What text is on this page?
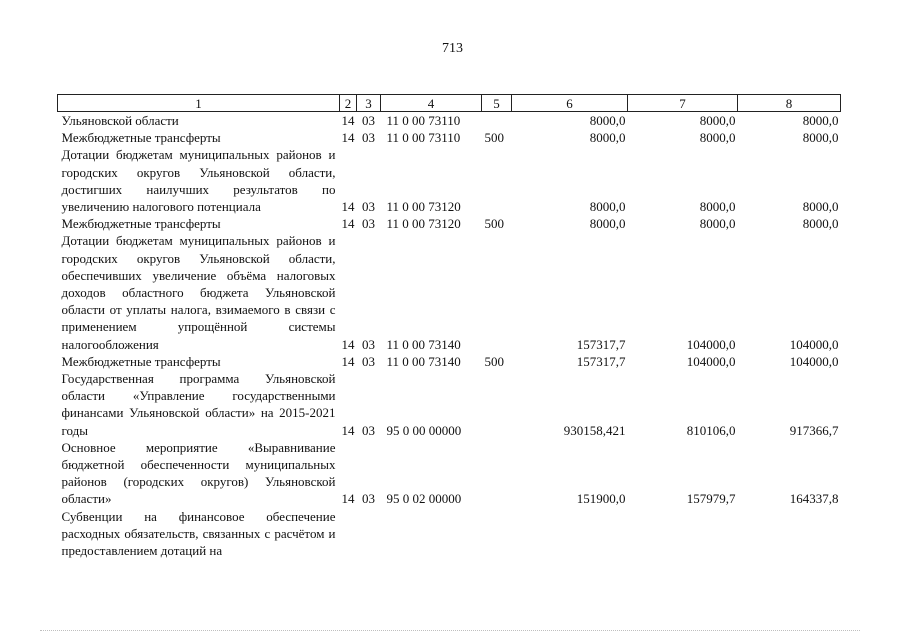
713
1	2	3	4	5	6	7	8
Ульяновской области	14	03	11 0 00 73110		8000,0	8000,0	8000,0
Межбюджетные трансферты	14	03	11 0 00 73110	500	8000,0	8000,0	8000,0
Дотации бюджетам муниципальных районов и городских округов Ульяновской области, достигших наилучших результатов по увеличению налогового потенциала	14	03	11 0 00 73120		8000,0	8000,0	8000,0
Межбюджетные трансферты	14	03	11 0 00 73120	500	8000,0	8000,0	8000,0
Дотации бюджетам муниципальных районов и городских округов Ульяновской области, обеспечивших увеличение объёма налоговых доходов областного бюджета Ульяновской области от уплаты налога, взимаемого в связи с применением упрощённой системы налогообложения	14	03	11 0 00 73140		157317,7	104000,0	104000,0
Межбюджетные трансферты	14	03	11 0 00 73140	500	157317,7	104000,0	104000,0
Государственная программа Ульяновской области «Управление государственными финансами Ульяновской области» на 2015-2021 годы	14	03	95 0 00 00000		930158,421	810106,0	917366,7
Основное мероприятие «Выравнивание бюджетной обеспеченности муниципальных районов (городских округов) Ульяновской области»	14	03	95 0 02 00000		151900,0	157979,7	164337,8
Субвенции на финансовое обеспечение расходных обязательств, связанных с расчётом и предоставлением дотаций на							
